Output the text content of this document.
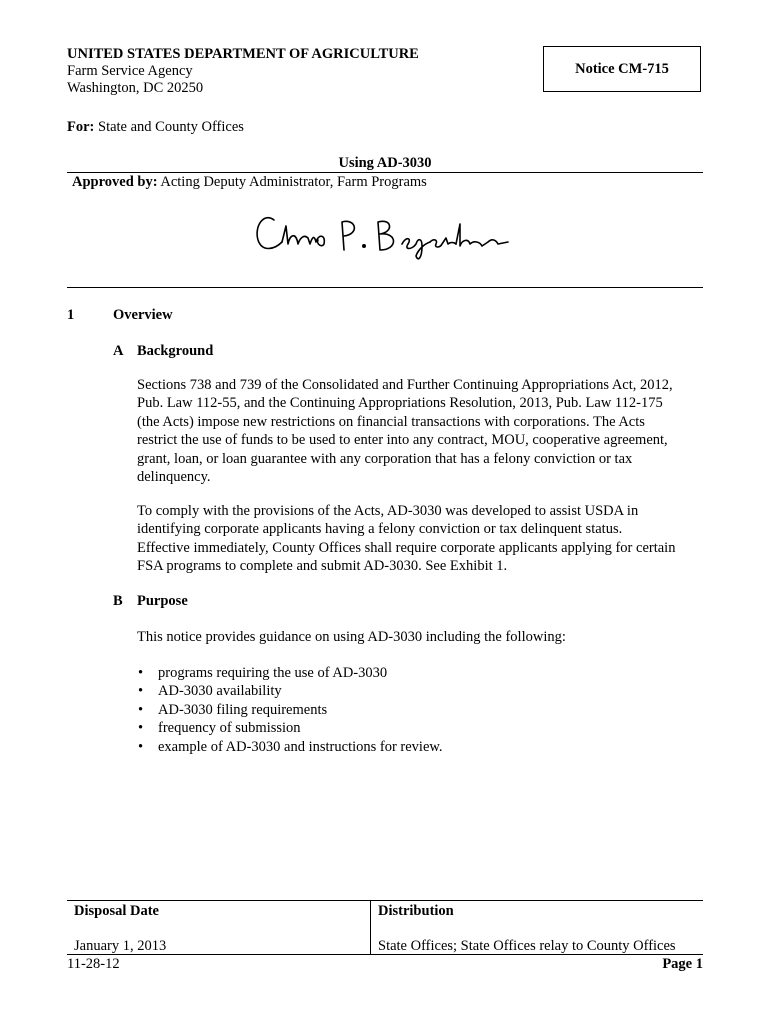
UNITED STATES DEPARTMENT OF AGRICULTURE
Farm Service Agency
Washington, DC 20250
Notice CM-715
For: State and County Offices
Using AD-3030
Approved by: Acting Deputy Administrator, Farm Programs
Chris P. Beyerhelm
1	Overview
A Background
Sections 738 and 739 of the Consolidated and Further Continuing Appropriations Act, 2012,
Pub. Law 112-55, and the Continuing Appropriations Resolution, 2013, Pub. Law 112-175
(the Acts) impose new restrictions on financial transactions with corporations. The Acts
restrict the use of funds to be used to enter into any contract, MOU, cooperative agreement,
grant, loan, or loan guarantee with any corporation that has a felony conviction or tax
delinquency.
To comply with the provisions of the Acts, AD-3030 was developed to assist USDA in
identifying corporate applicants having a felony conviction or tax delinquent status.
Effective immediately, County Offices shall require corporate applicants applying for certain
FSA programs to complete and submit AD-3030. See Exhibit 1.
B Purpose
This notice provides guidance on using AD-3030 including the following:
• programs requiring the use of AD-3030
• AD-3030 availability
• AD-3030 filing requirements
• frequency of submission
• example of AD-3030 and instructions for review.
Disposal Date	Distribution
January 1, 2013	State Offices; State Offices relay to County Offices
11-28-12	Page 1
